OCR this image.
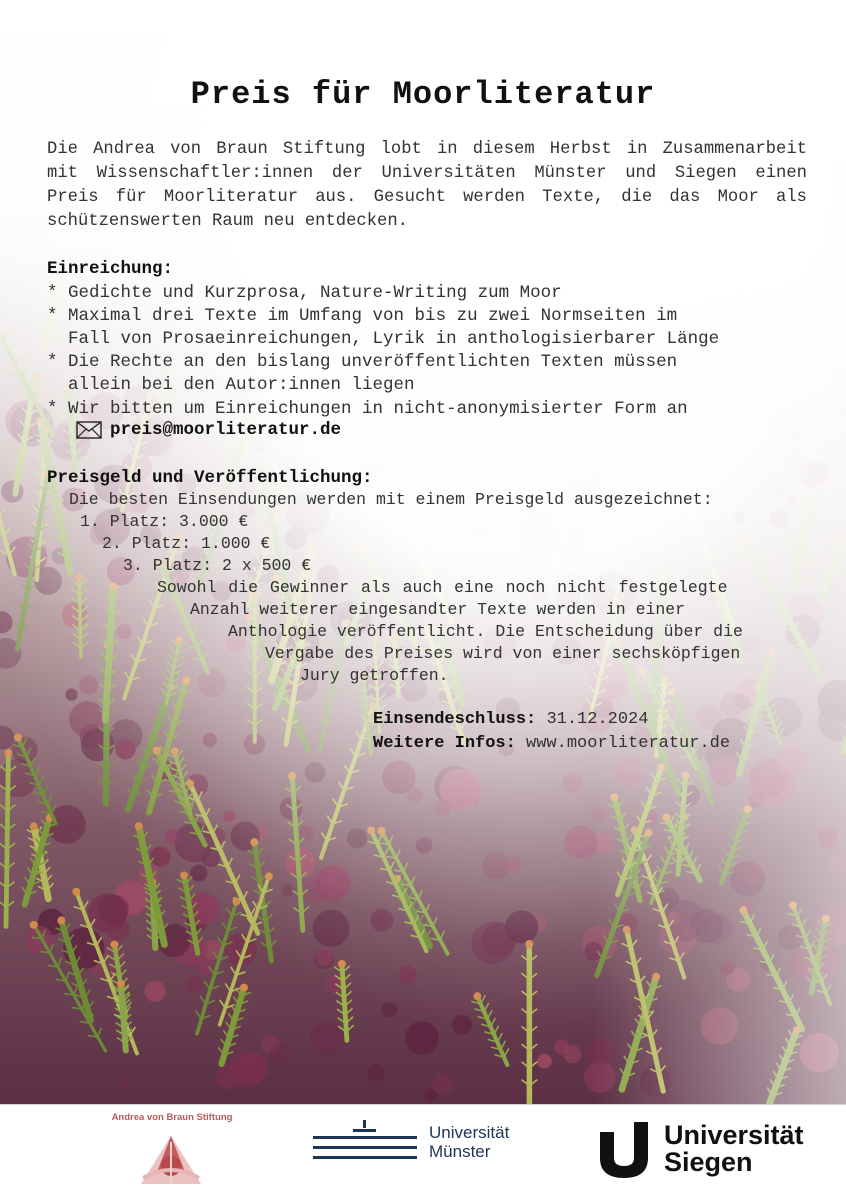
Preis für Moorliteratur
Die Andrea von Braun Stiftung lobt in diesem Herbst in Zusammenarbeit
mit Wissenschaftler:innen der Universitäten Münster und Siegen einen
Preis für Moorliteratur aus. Gesucht werden Texte, die das Moor als
schützenswerten Raum neu entdecken.
Einreichung:
* Gedichte und Kurzprosa, Nature-Writing zum Moor
* Maximal drei Texte im Umfang von bis zu zwei Normseiten im
Fall von Prosaeinreichungen, Lyrik in anthologisierbarer Länge
* Die Rechte an den bislang unveröffentlichten Texten müssen
allein bei den Autor:innen liegen
* Wir bitten um Einreichungen in nicht-anonymisierter Form an
preis@moorliteratur.de
Preisgeld und Veröffentlichung:
Die besten Einsendungen werden mit einem Preisgeld ausgezeichnet:
1. Platz: 3.000 €
2. Platz: 1.000 €
3. Platz: 2 x 500 €
Sowohl die Gewinner als auch eine noch nicht festgelegte
Anzahl weiterer eingesandter Texte werden in einer
Anthologie veröffentlicht. Die Entscheidung über die
Vergabe des Preises wird von einer sechsköpfigen
Jury getroffen.
Einsendeschluss: 31.12.2024
Weitere Infos: www.moorliteratur.de
Andrea von Braun Stiftung
Universität
Münster
Universität
Siegen
